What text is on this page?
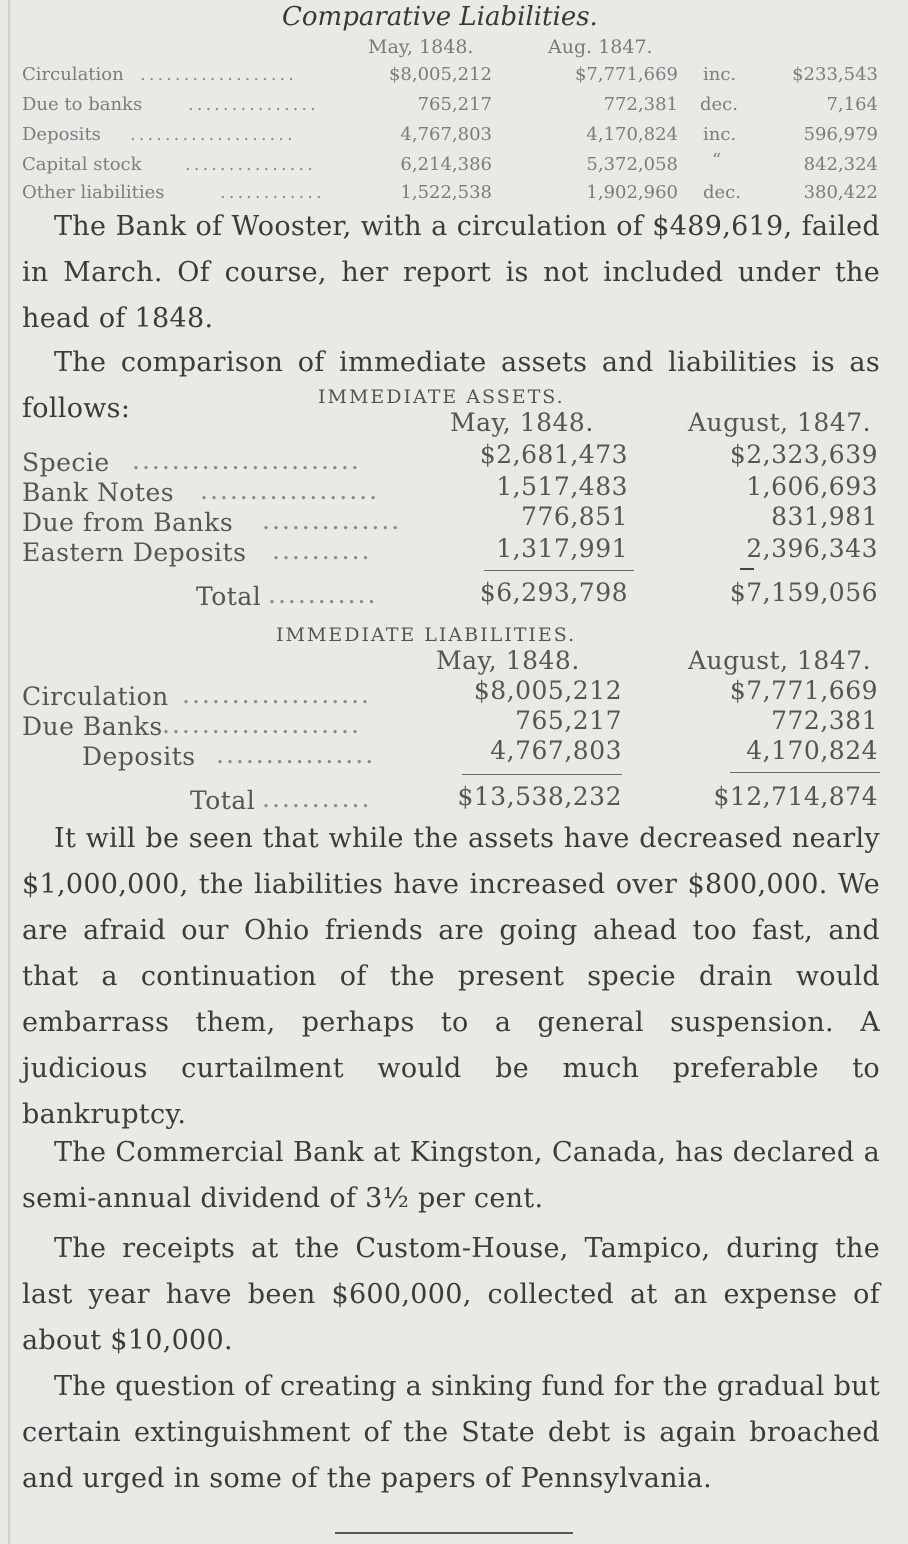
Comparative Liabilities.
May, 1848.	Aug. 1847.
Circulation ..................	$8,005,212	$7,771,669 inc.	$233,543
Due to banks	...............	765,217	772,381 dec.	7,164
Deposits ...................	4,767,803	4,170,824 inc.	596,979
Capital stock ...............	6,214,386	5,372,058 “	842,324
Other liabilities	............	1,522,538	1,902,960 dec.	380,422

The Bank of Wooster, with a circulation of $489,619, failed in March. Of course, her report is not included under the head of 1848.

The comparison of immediate assets and liabilities is as follows:	IMMEDIATE ASSETS.
May, 1848.	August, 1847.
Specie .......................	$2,681,473	$2,323,639
Bank Notes ..................	1,517,483	1,606,693
Due from Banks ..............	776,851	831,981
Eastern Deposits ..........	1,317,991	2,396,343
Total ...........	$6,293,798	$7,159,056
IMMEDIATE LIABILITIES.
May, 1848.	August, 1847.
Circulation ...................	$8,005,212	$7,771,669
Due Banks ....................	765,217	772,381
Deposits ................	4,767,803	4,170,824
Total ...........	$13,538,232	$12,714,874

It will be seen that while the assets have decreased nearly $1,000,000, the liabilities have increased over $800,000. We are afraid our Ohio friends are going ahead too fast, and that a continuation of the present specie drain would embarrass them, perhaps to a general suspension. A judicious curtailment would be much preferable to bankruptcy.

The Commercial Bank at Kingston, Canada, has declared a semi-annual dividend of 3½ per cent.

The receipts at the Custom-House, Tampico, during the last year have been $600,000, collected at an expense of about $10,000.

The question of creating a sinking fund for the gradual but certain extinguishment of the State debt is again broached and urged in some of the papers of Pennsylvania.
